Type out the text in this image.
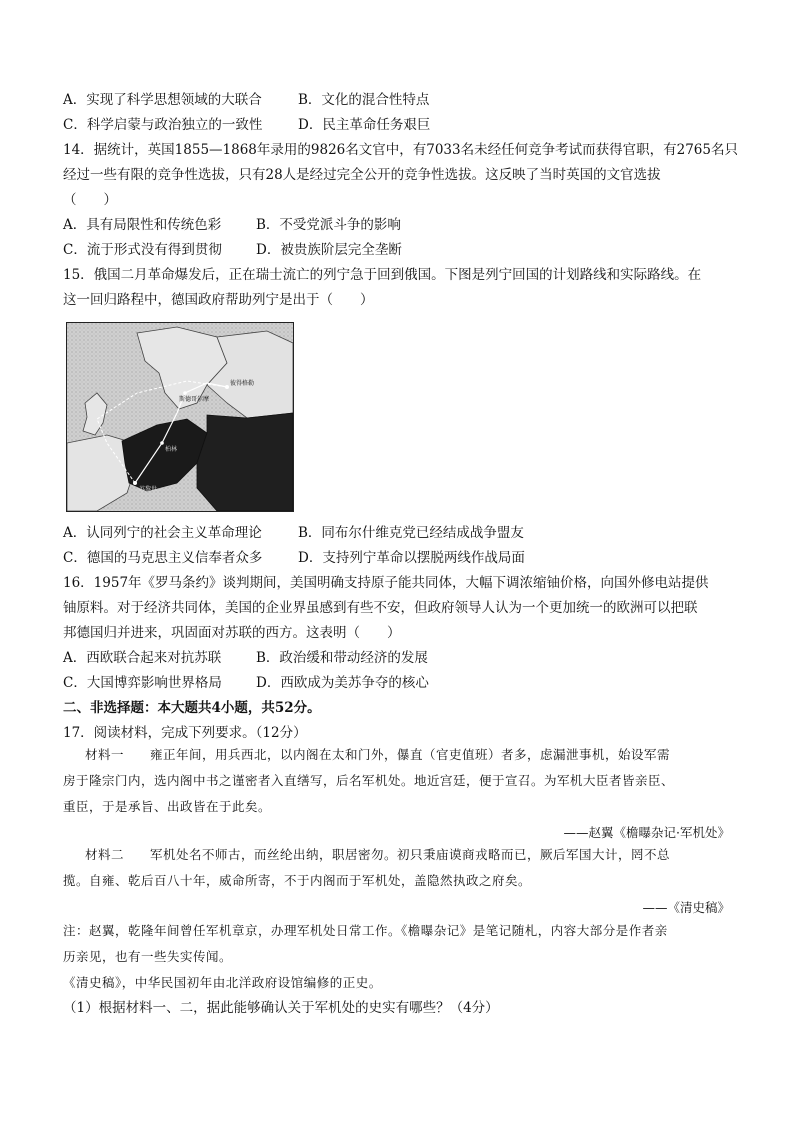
A．实现了科学思想领域的大联合	B．文化的混合性特点
C．科学启蒙与政治独立的一致性	D．民主革命任务艰巨
14．据统计，英国1855—1868年录用的9826名文官中，有7033名未经任何竞争考试而获得官职，有2765名只
经过一些有限的竞争性选拔，只有28人是经过完全公开的竞争性选拔。这反映了当时英国的文官选拔
（　　）
A．具有局限性和传统色彩	B．不受党派斗争的影响
C．流于形式没有得到贯彻	D．被贵族阶层完全垄断
15．俄国二月革命爆发后，正在瑞士流亡的列宁急于回到俄国。下图是列宁回国的计划路线和实际路线。在
这一回归路程中，德国政府帮助列宁是出于（　　）
彼得格勒
斯德哥尔摩
苏黎世
柏林
A．认同列宁的社会主义革命理论	B．同布尔什维克党已经结成战争盟友
C．德国的马克思主义信奉者众多	D．支持列宁革命以摆脱两线作战局面
16．1957年《罗马条约》谈判期间，美国明确支持原子能共同体，大幅下调浓缩铀价格，向国外修电站提供
铀原料。对于经济共同体，美国的企业界虽感到有些不安，但政府领导人认为一个更加统一的欧洲可以把联
邦德国归并进来，巩固面对苏联的西方。这表明（　　）
A．西欧联合起来对抗苏联	B．政治缓和带动经济的发展
C．大国博弈影响世界格局	D．西欧成为美苏争夺的核心
二、非选择题：本大题共4小题，共52分。
17．阅读材料，完成下列要求。（12分）
材料一　　雍正年间，用兵西北，以内阁在太和门外，儤直（官吏值班）者多，虑漏泄事机，始设军需
房于隆宗门内，选内阁中书之谨密者入直缮写，后名军机处。地近宫廷，便于宣召。为军机大臣者皆亲臣、
重臣，于是承旨、出政皆在于此矣。
——赵翼《檐曝杂记·军机处》
材料二　　军机处名不师古，而丝纶出纳，职居密勿。初只秉庙谟商戎略而已，厥后军国大计，罔不总
揽。自雍、乾后百八十年，威命所寄，不于内阁而于军机处，盖隐然执政之府矣。
——《清史稿》
注：赵翼，乾隆年间曾任军机章京，办理军机处日常工作。《檐曝杂记》是笔记随札，内容大部分是作者亲
历亲见，也有一些失实传闻。
《清史稿》，中华民国初年由北洋政府设馆编修的正史。
（1）根据材料一、二，据此能够确认关于军机处的史实有哪些？（4分）
